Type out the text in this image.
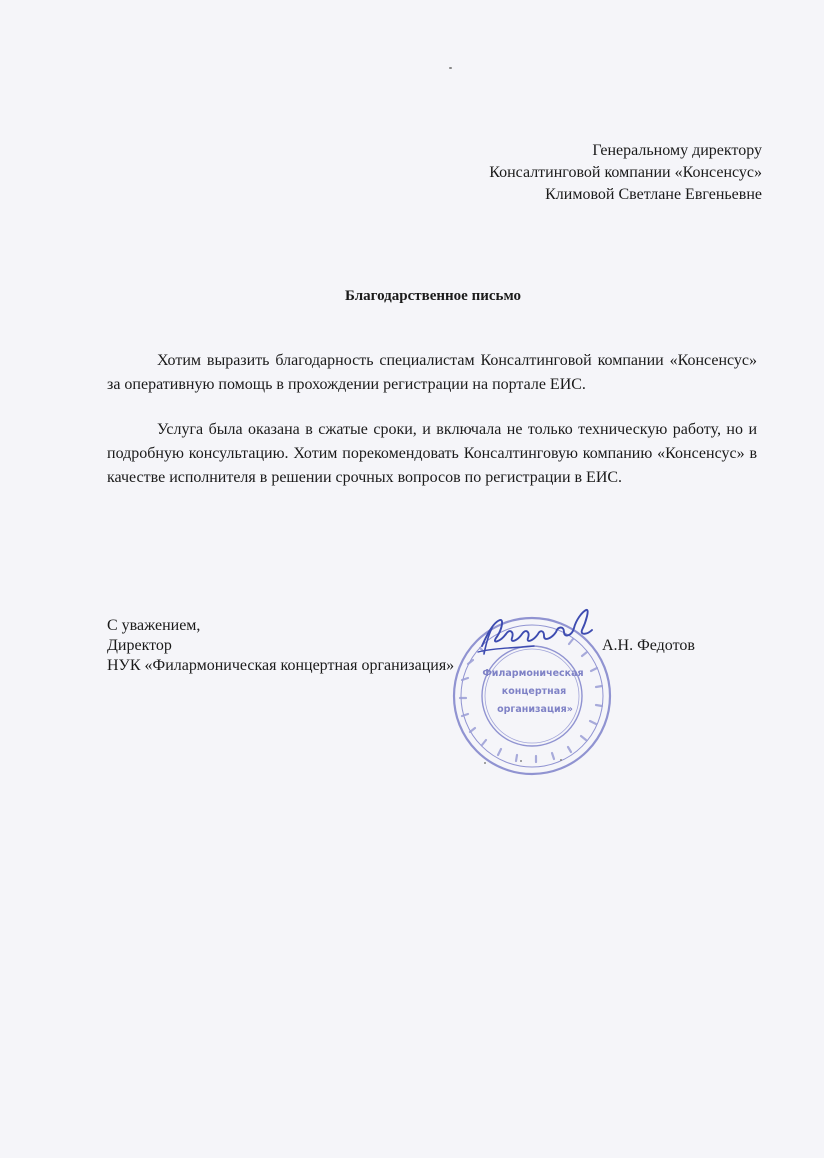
Генеральному директору
Консалтинговой компании «Консенсус»
Климовой Светлане Евгеньевне
Благодарственное письмо

Хотим выразить благодарность специалистам Консалтинговой компании «Консенсус» за оперативную помощь в прохождении регистрации на портале ЕИС.

Услуга была оказана в сжатые сроки, и включала не только техническую работу, но и подробную консультацию. Хотим порекомендовать Консалтинговую компанию «Консенсус» в качестве исполнителя в решении срочных вопросов по регистрации в ЕИС.

С уважением,
Директор
НУК «Филармоническая концертная организация»	Филармоническая
концертная
организация»
А.Н. Федотов
